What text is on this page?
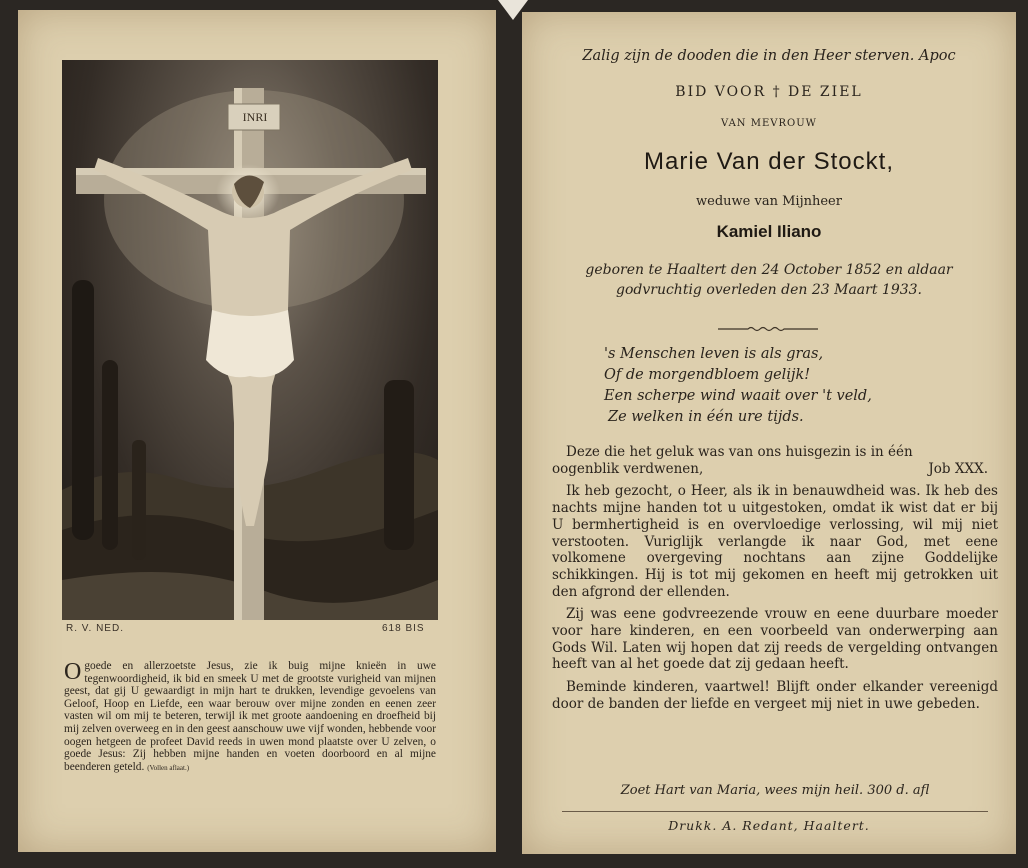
INRI
R. V. NED.	618 BIS
Ogoede en allerzoetste Jesus, zie ik buig mijne knieën in uwe tegenwoordigheid, ik bid en smeek U met de grootste vurigheid van mijnen geest, dat gij U gewaardigt in mijn hart te drukken, levendige gevoelens van Geloof, Hoop en Liefde, een waar berouw over mijne zonden en eenen zeer vasten wil om mij te beteren, terwijl ik met groote aandoening en droefheid bij mij zelven overweeg en in den geest aanschouw uwe vijf wonden, hebbende voor oogen hetgeen de profeet David reeds in uwen mond plaatste over U zelven, o goede Jesus: Zij hebben mijne handen en voeten doorboord en al mijne beenderen geteld. (Vollen aflaat.)
Zalig zijn de dooden die in den Heer sterven. Apoc
BID VOOR † DE ZIEL
VAN MEVROUW
Marie Van der Stockt,
weduwe van Mijnheer
Kamiel Iliano
geboren te Haaltert den 24 October 1852 en aldaar
godvruchtig overleden den 23 Maart 1933.
's Menschen leven is als gras,
Of de morgendbloem gelijk!
Een scherpe wind waait over 't veld,
Ze welken in één ure tijds.

Deze die het geluk was van ons huisgezin is in één

oogenblik verdwenen,	Job XXX.

Ik heb gezocht, o Heer, als ik in benauwdheid was. Ik heb des nachts mijne handen tot u uitgestoken, omdat ik wist dat er bij U bermhertigheid is en overvloedige verlossing, wil mij niet verstooten. Vuriglijk verlangde ik naar God, met eene volkomene overgeving nochtans aan zijne Goddelijke schikkingen. Hij is tot mij gekomen en heeft mij getrokken uit den afgrond der ellenden.

Zij was eene godvreezende vrouw en eene duurbare moeder voor hare kinderen, en een voorbeeld van onderwerping aan Gods Wil. Laten wij hopen dat zij reeds de vergelding ontvangen heeft van al het goede dat zij gedaan heeft.

Beminde kinderen, vaartwel! Blijft onder elkander vereenigd door de banden der liefde en vergeet mij niet in uwe gebeden.

Zoet Hart van Maria, wees mijn heil. 300 d. afl
Drukk. A. Redant, Haaltert.
